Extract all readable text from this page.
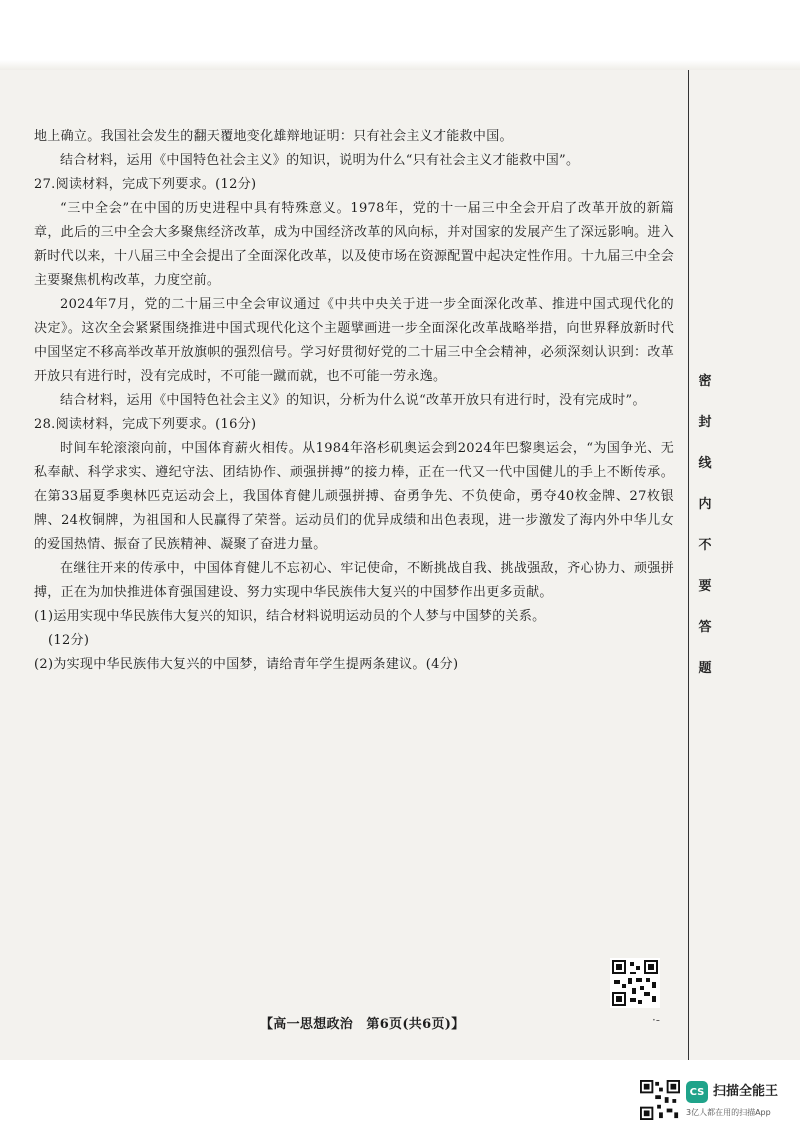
密
封
线
内
不
要
答
题

地上确立。我国社会发生的翻天覆地变化雄辩地证明：只有社会主义才能救中国。

结合材料，运用《中国特色社会主义》的知识，说明为什么“只有社会主义才能救中国”。

27.阅读材料，完成下列要求。(12分)

“三中全会”在中国的历史进程中具有特殊意义。1978年，党的十一届三中全会开启了改革开放的新篇章，此后的三中全会大多聚焦经济改革，成为中国经济改革的风向标，并对国家的发展产生了深远影响。进入新时代以来，十八届三中全会提出了全面深化改革，以及使市场在资源配置中起决定性作用。十九届三中全会主要聚焦机构改革，力度空前。

2024年7月，党的二十届三中全会审议通过《中共中央关于进一步全面深化改革、推进中国式现代化的决定》。这次全会紧紧围绕推进中国式现代化这个主题擘画进一步全面深化改革战略举措，向世界释放新时代中国坚定不移高举改革开放旗帜的强烈信号。学习好贯彻好党的二十届三中全会精神，必须深刻认识到：改革开放只有进行时，没有完成时，不可能一蹴而就，也不可能一劳永逸。

结合材料，运用《中国特色社会主义》的知识，分析为什么说“改革开放只有进行时，没有完成时”。

28.阅读材料，完成下列要求。(16分)

时间车轮滚滚向前，中国体育薪火相传。从1984年洛杉矶奥运会到2024年巴黎奥运会，“为国争光、无私奉献、科学求实、遵纪守法、团结协作、顽强拼搏”的接力棒，正在一代又一代中国健儿的手上不断传承。在第33届夏季奥林匹克运动会上，我国体育健儿顽强拼搏、奋勇争先、不负使命，勇夺40枚金牌、27枚银牌、24枚铜牌，为祖国和人民赢得了荣誉。运动员们的优异成绩和出色表现，进一步激发了海内外中华儿女的爱国热情、振奋了民族精神、凝聚了奋进力量。

在继往开来的传承中，中国体育健儿不忘初心、牢记使命，不断挑战自我、挑战强敌，齐心协力、顽强拼搏，正在为加快推进体育强国建设、努力实现中华民族伟大复兴的中国梦作出更多贡献。

(1)运用实现中华民族伟大复兴的知识，结合材料说明运动员的个人梦与中国梦的关系。

(12分)

(2)为实现中华民族伟大复兴的中国梦，请给青年学生提两条建议。(4分)

【高一思想政治　第6页(共6页)】	·-
CS 扫描全能王
3亿人都在用的扫描App
